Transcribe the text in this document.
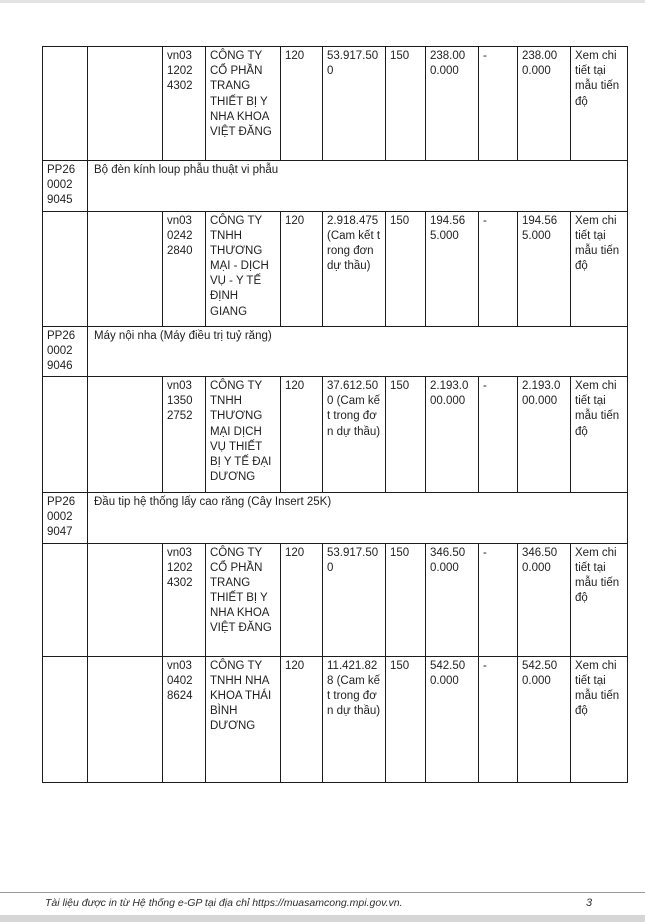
		vn03 1202 4302	CÔNG TY CỔ PHẦN TRANG THIẾT BỊ Y NHA KHOA VIỆT ĐĂNG	120	53.917.500	150	238.000.000	-	238.000.000	Xem chi tiết tại mẫu tiến độ
PP26 0002 9045	Bộ đèn kính loup phẫu thuật vi phẫu									
		vn03 0242 2840	CÔNG TY TNHH THƯƠNG MẠI - DỊCH VỤ - Y TẾ ĐỊNH GIANG	120	2.918.475 (Cam kết trong đơn dự thầu)	150	194.565.000	-	194.565.000	Xem chi tiết tại mẫu tiến độ
PP26 0002 9046	Máy nội nha (Máy điều trị tuỷ răng)									
		vn03 1350 2752	CÔNG TY TNHH THƯƠNG MẠI DỊCH VỤ THIẾT BỊ Y TẾ ĐẠI DƯƠNG	120	37.612.500 (Cam kết trong đơn dự thầu)	150	2.193.000.000	-	2.193.000.000	Xem chi tiết tại mẫu tiến độ
PP26 0002 9047	Đầu tip hệ thống lấy cao răng (Cây Insert 25K)									
		vn03 1202 4302	CÔNG TY CỔ PHẦN TRANG THIẾT BỊ Y NHA KHOA VIỆT ĐĂNG	120	53.917.500	150	346.500.000	-	346.500.000	Xem chi tiết tại mẫu tiến độ
		vn03 0402 8624	CÔNG TY TNHH NHA KHOA THÁI BÌNH DƯƠNG	120	11.421.828 (Cam kết trong đơn dự thầu)	150	542.500.000	-	542.500.000	Xem chi tiết tại mẫu tiến độ
Tài liệu được in từ Hệ thống e-GP tại địa chỉ https://muasamcong.mpi.gov.vn.	3
